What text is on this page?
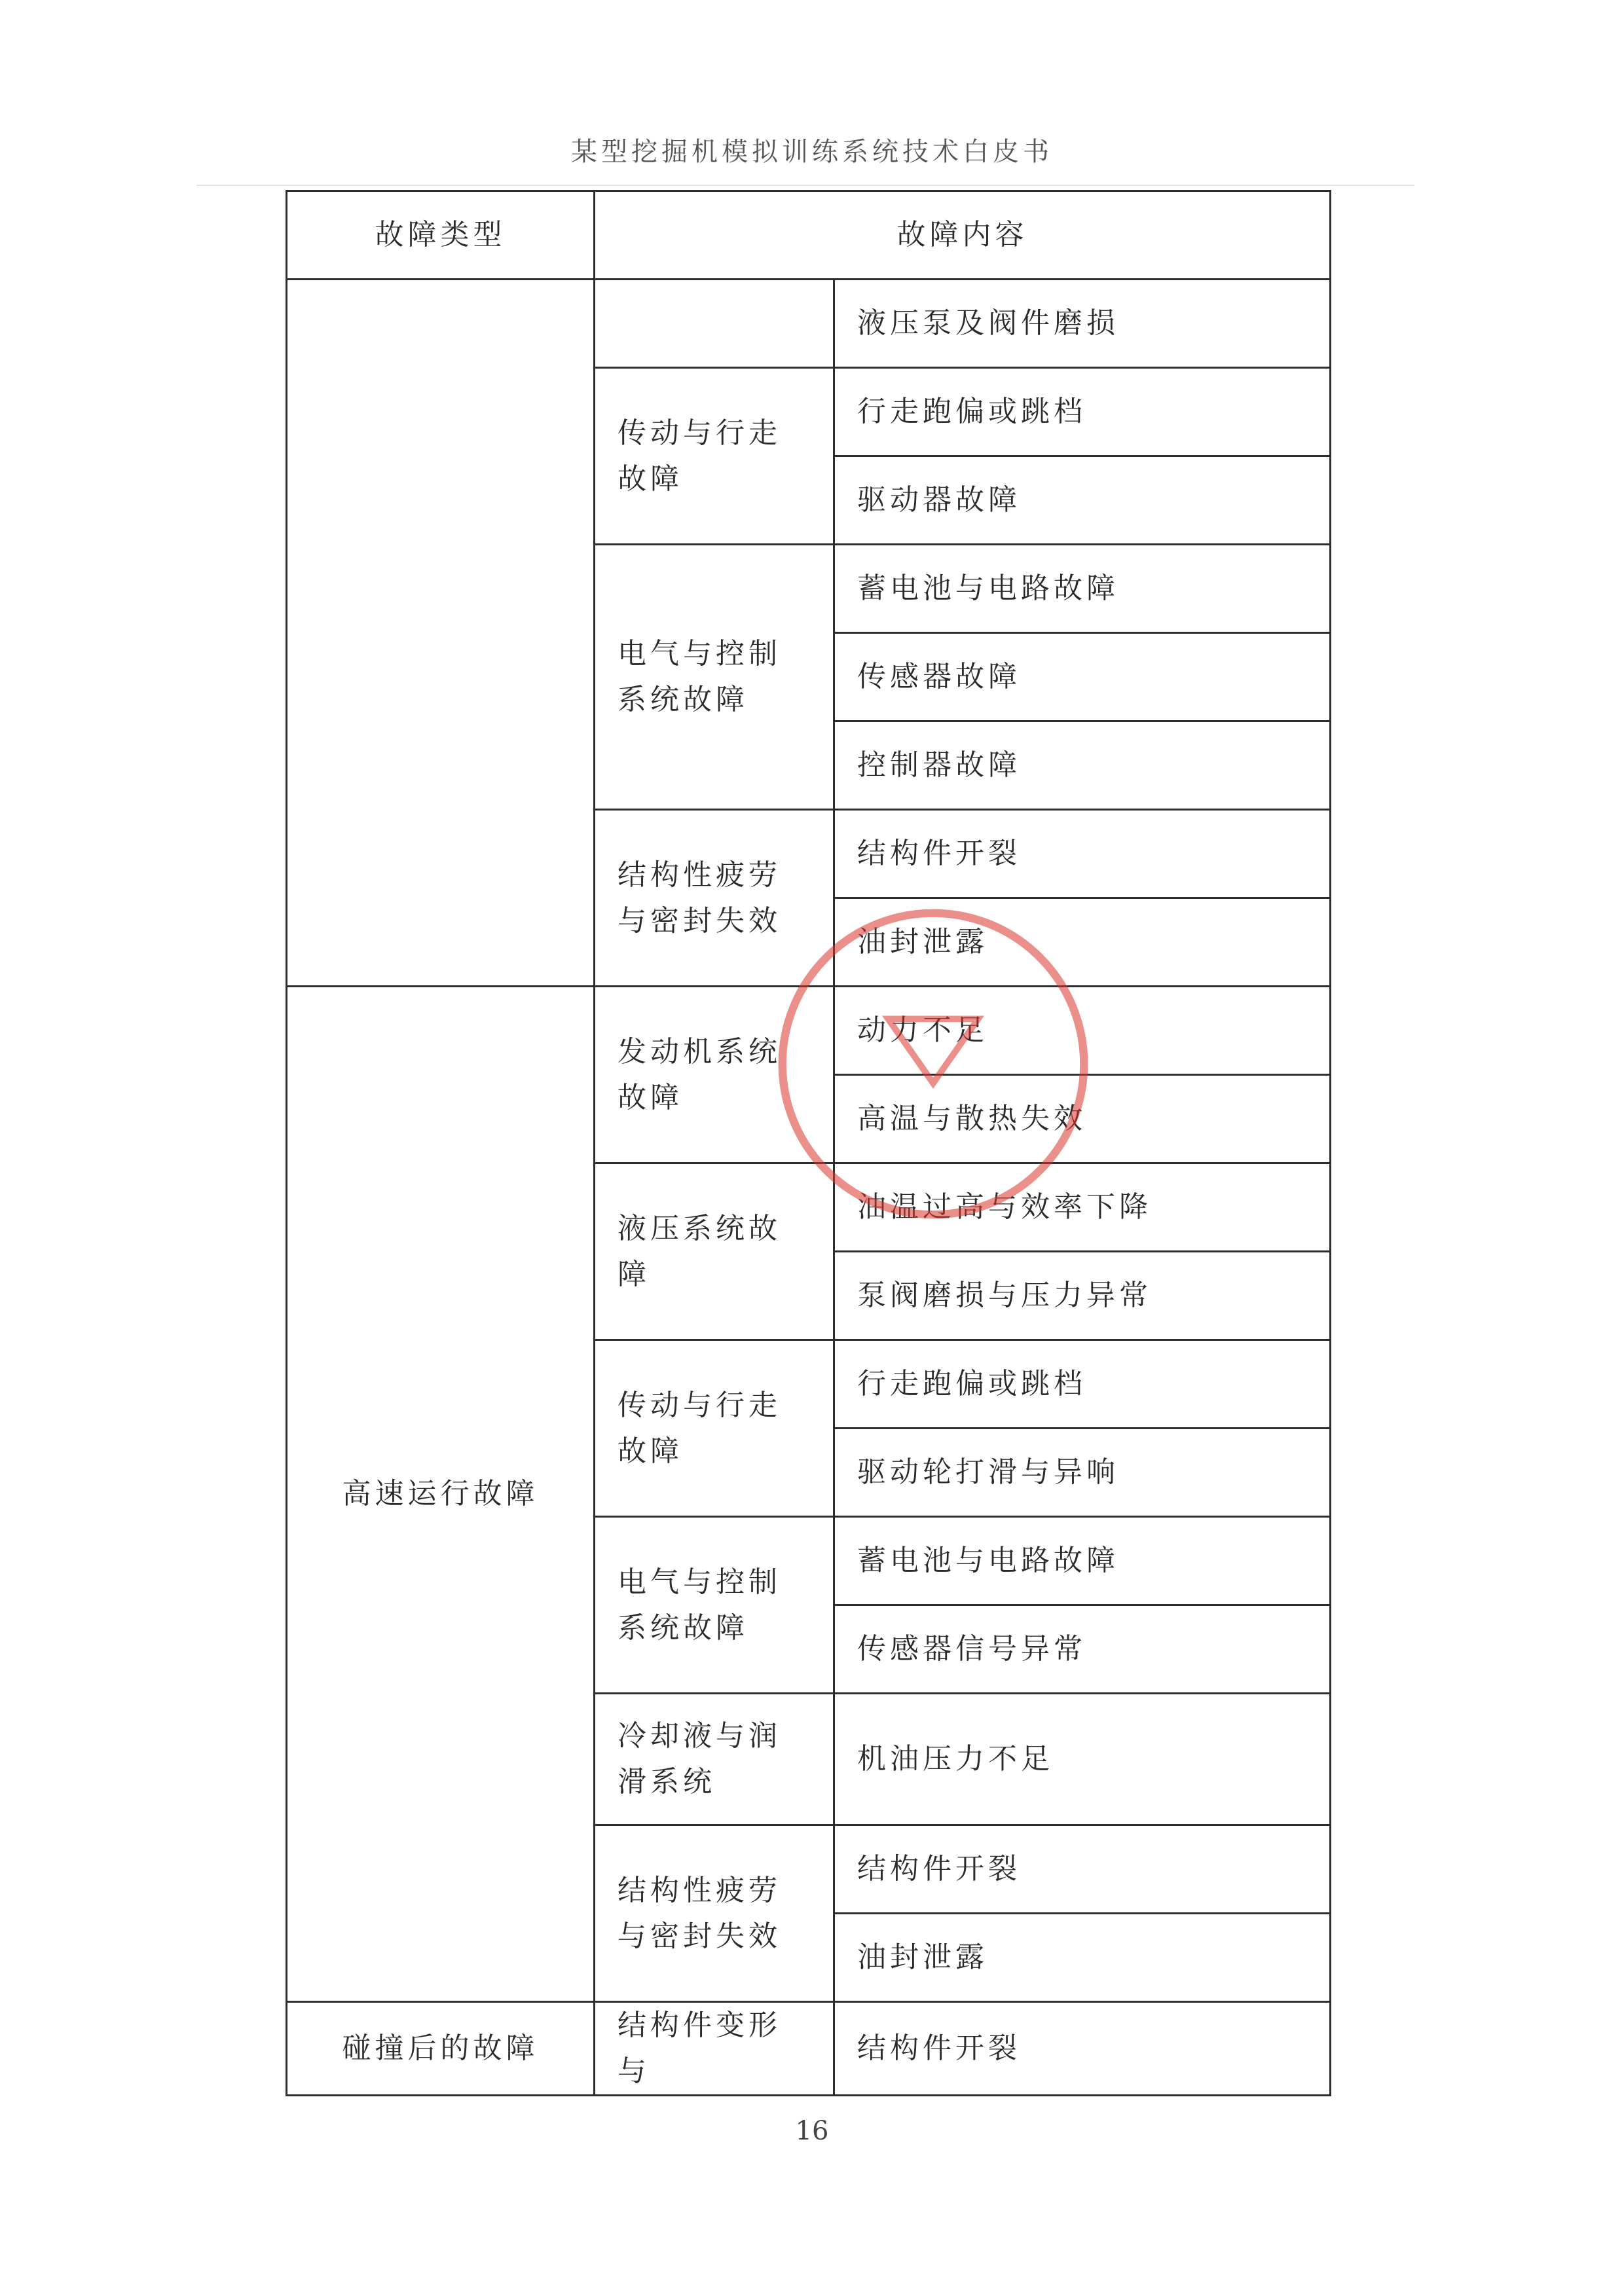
某型挖掘机模拟训练系统技术白皮书
故障类型	故障内容	
		液压泵及阀件磨损
	传动与行走故障	行走跑偏或跳档
		驱动器故障
	电气与控制系统故障	蓄电池与电路故障
		传感器故障
		控制器故障
	结构性疲劳与密封失效	结构件开裂
		油封泄露
高速运行故障	发动机系统故障	动力不足
		高温与散热失效
	液压系统故障	油温过高与效率下降
		泵阀磨损与压力异常
	传动与行走故障	行走跑偏或跳档
		驱动轮打滑与异响
	电气与控制系统故障	蓄电池与电路故障
		传感器信号异常
	冷却液与润滑系统	机油压力不足
	结构性疲劳与密封失效	结构件开裂
		油封泄露
碰撞后的故障	结构件变形与	结构件开裂
16
